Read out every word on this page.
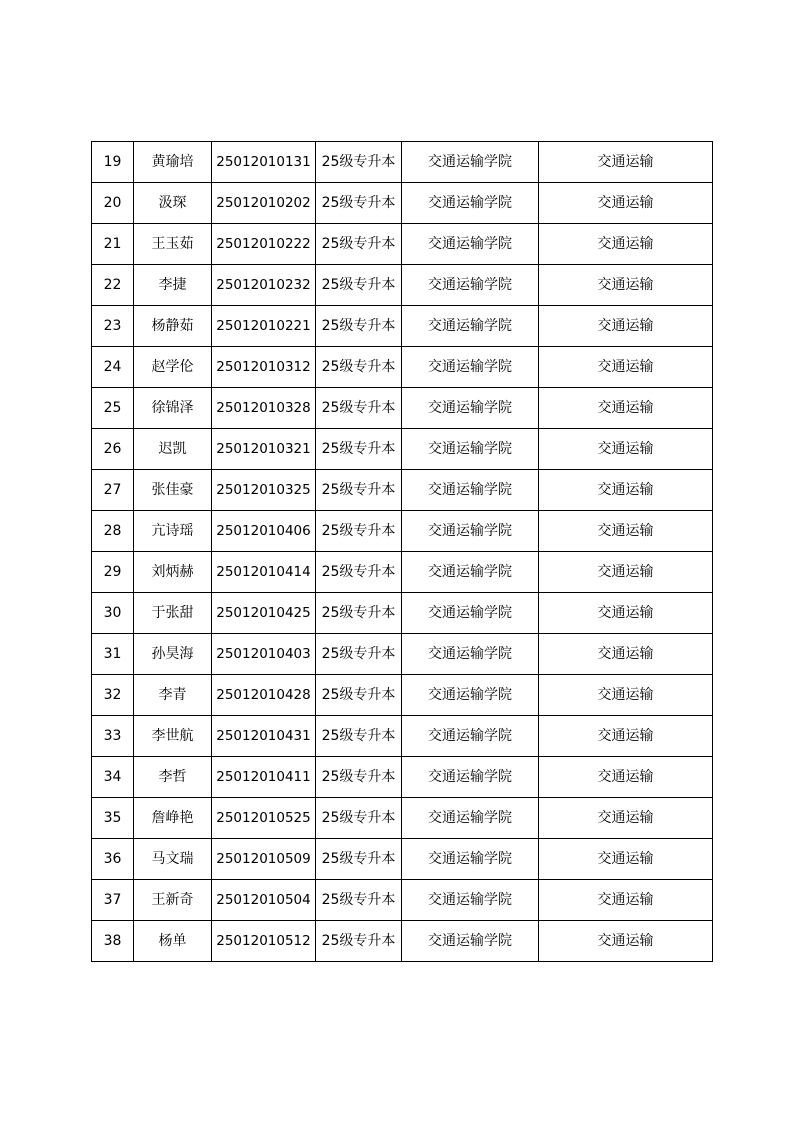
19	黄瑜培	25012010131	25级专升本	交通运输学院	交通运输
20	汲琛	25012010202	25级专升本	交通运输学院	交通运输
21	王玉茹	25012010222	25级专升本	交通运输学院	交通运输
22	李捷	25012010232	25级专升本	交通运输学院	交通运输
23	杨静茹	25012010221	25级专升本	交通运输学院	交通运输
24	赵学伦	25012010312	25级专升本	交通运输学院	交通运输
25	徐锦泽	25012010328	25级专升本	交通运输学院	交通运输
26	迟凯	25012010321	25级专升本	交通运输学院	交通运输
27	张佳豪	25012010325	25级专升本	交通运输学院	交通运输
28	亢诗瑶	25012010406	25级专升本	交通运输学院	交通运输
29	刘炳赫	25012010414	25级专升本	交通运输学院	交通运输
30	于张甜	25012010425	25级专升本	交通运输学院	交通运输
31	孙昊海	25012010403	25级专升本	交通运输学院	交通运输
32	李青	25012010428	25级专升本	交通运输学院	交通运输
33	李世航	25012010431	25级专升本	交通运输学院	交通运输
34	李哲	25012010411	25级专升本	交通运输学院	交通运输
35	詹峥艳	25012010525	25级专升本	交通运输学院	交通运输
36	马文瑞	25012010509	25级专升本	交通运输学院	交通运输
37	王新奇	25012010504	25级专升本	交通运输学院	交通运输
38	杨单	25012010512	25级专升本	交通运输学院	交通运输
